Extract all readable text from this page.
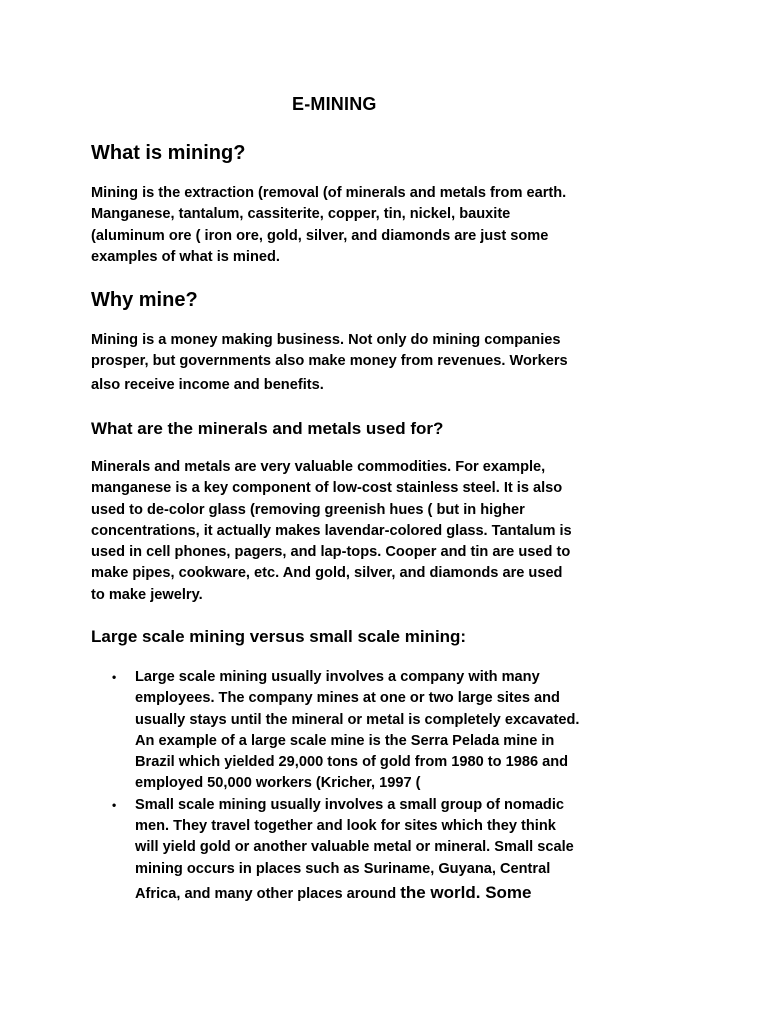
E-MINING
What is mining?
Mining is the extraction (removal (of minerals and metals from earth.
Manganese, tantalum, cassiterite, copper, tin, nickel, bauxite
(aluminum ore ( iron ore, gold, silver, and diamonds are just some
examples of what is mined.
Why mine?
Mining is a money making business. Not only do mining companies
prosper, but governments also make money from revenues. Workers
also receive income and benefits.
What are the minerals and metals used for?
Minerals and metals are very valuable commodities. For example,
manganese is a key component of low-cost stainless steel. It is also
used to de-color glass (removing greenish hues ( but in higher
concentrations, it actually makes lavendar-colored glass. Tantalum is
used in cell phones, pagers, and lap-tops. Cooper and tin are used to
make pipes, cookware, etc. And gold, silver, and diamonds are used
to make jewelry.
Large scale mining versus small scale mining:
• Large scale mining usually involves a company with many
employees. The company mines at one or two large sites and
usually stays until the mineral or metal is completely excavated.
An example of a large scale mine is the Serra Pelada mine in
Brazil which yielded 29,000 tons of gold from 1980 to 1986 and
employed 50,000 workers (Kricher, 1997 (
• Small scale mining usually involves a small group of nomadic
men. They travel together and look for sites which they think
will yield gold or another valuable metal or mineral. Small scale
mining occurs in places such as Suriname, Guyana, Central
Africa, and many other places around the world. Some
